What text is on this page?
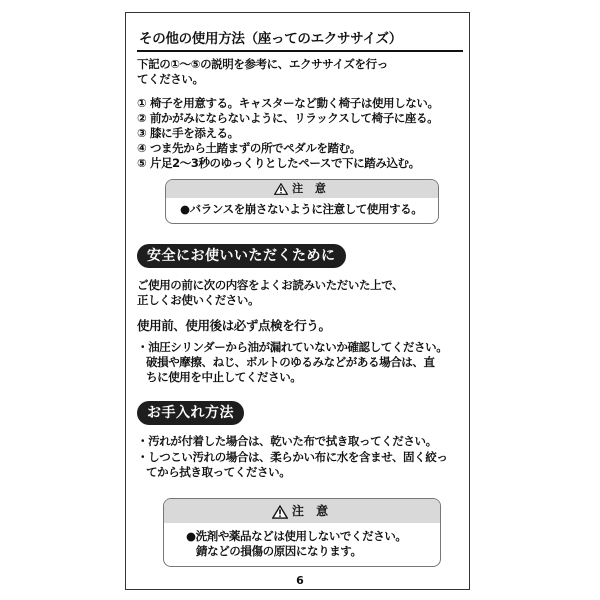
その他の使用方法（座ってのエクササイズ）
下記の①～⑤の説明を参考に、エクササイズを行っ
てください。
① 椅子を用意する。キャスターなど動く椅子は使用しない。
② 前かがみにならないように、リラックスして椅子に座る。
③ 膝に手を添える。
④ つま先から土踏まずの所でペダルを踏む。
⑤ 片足2～3秒のゆっくりとしたペースで下に踏み込む。
注 意
●バランスを崩さないように注意して使用する。
安全にお使いいただくために
ご使用の前に次の内容をよくお読みいただいた上で、
正しくお使いください。
使用前、使用後は必ず点検を行う。
・油圧シリンダーから油が漏れていないか確認してください。
破損や摩擦、ねじ、ボルトのゆるみなどがある場合は、直
ちに使用を中止してください。
お手入れ方法
・汚れが付着した場合は、乾いた布で拭き取ってください。
・しつこい汚れの場合は、柔らかい布に水を含ませ、固く絞っ
てから拭き取ってください。
注 意
●洗剤や薬品などは使用しないでください。
錆などの損傷の原因になります。
6
